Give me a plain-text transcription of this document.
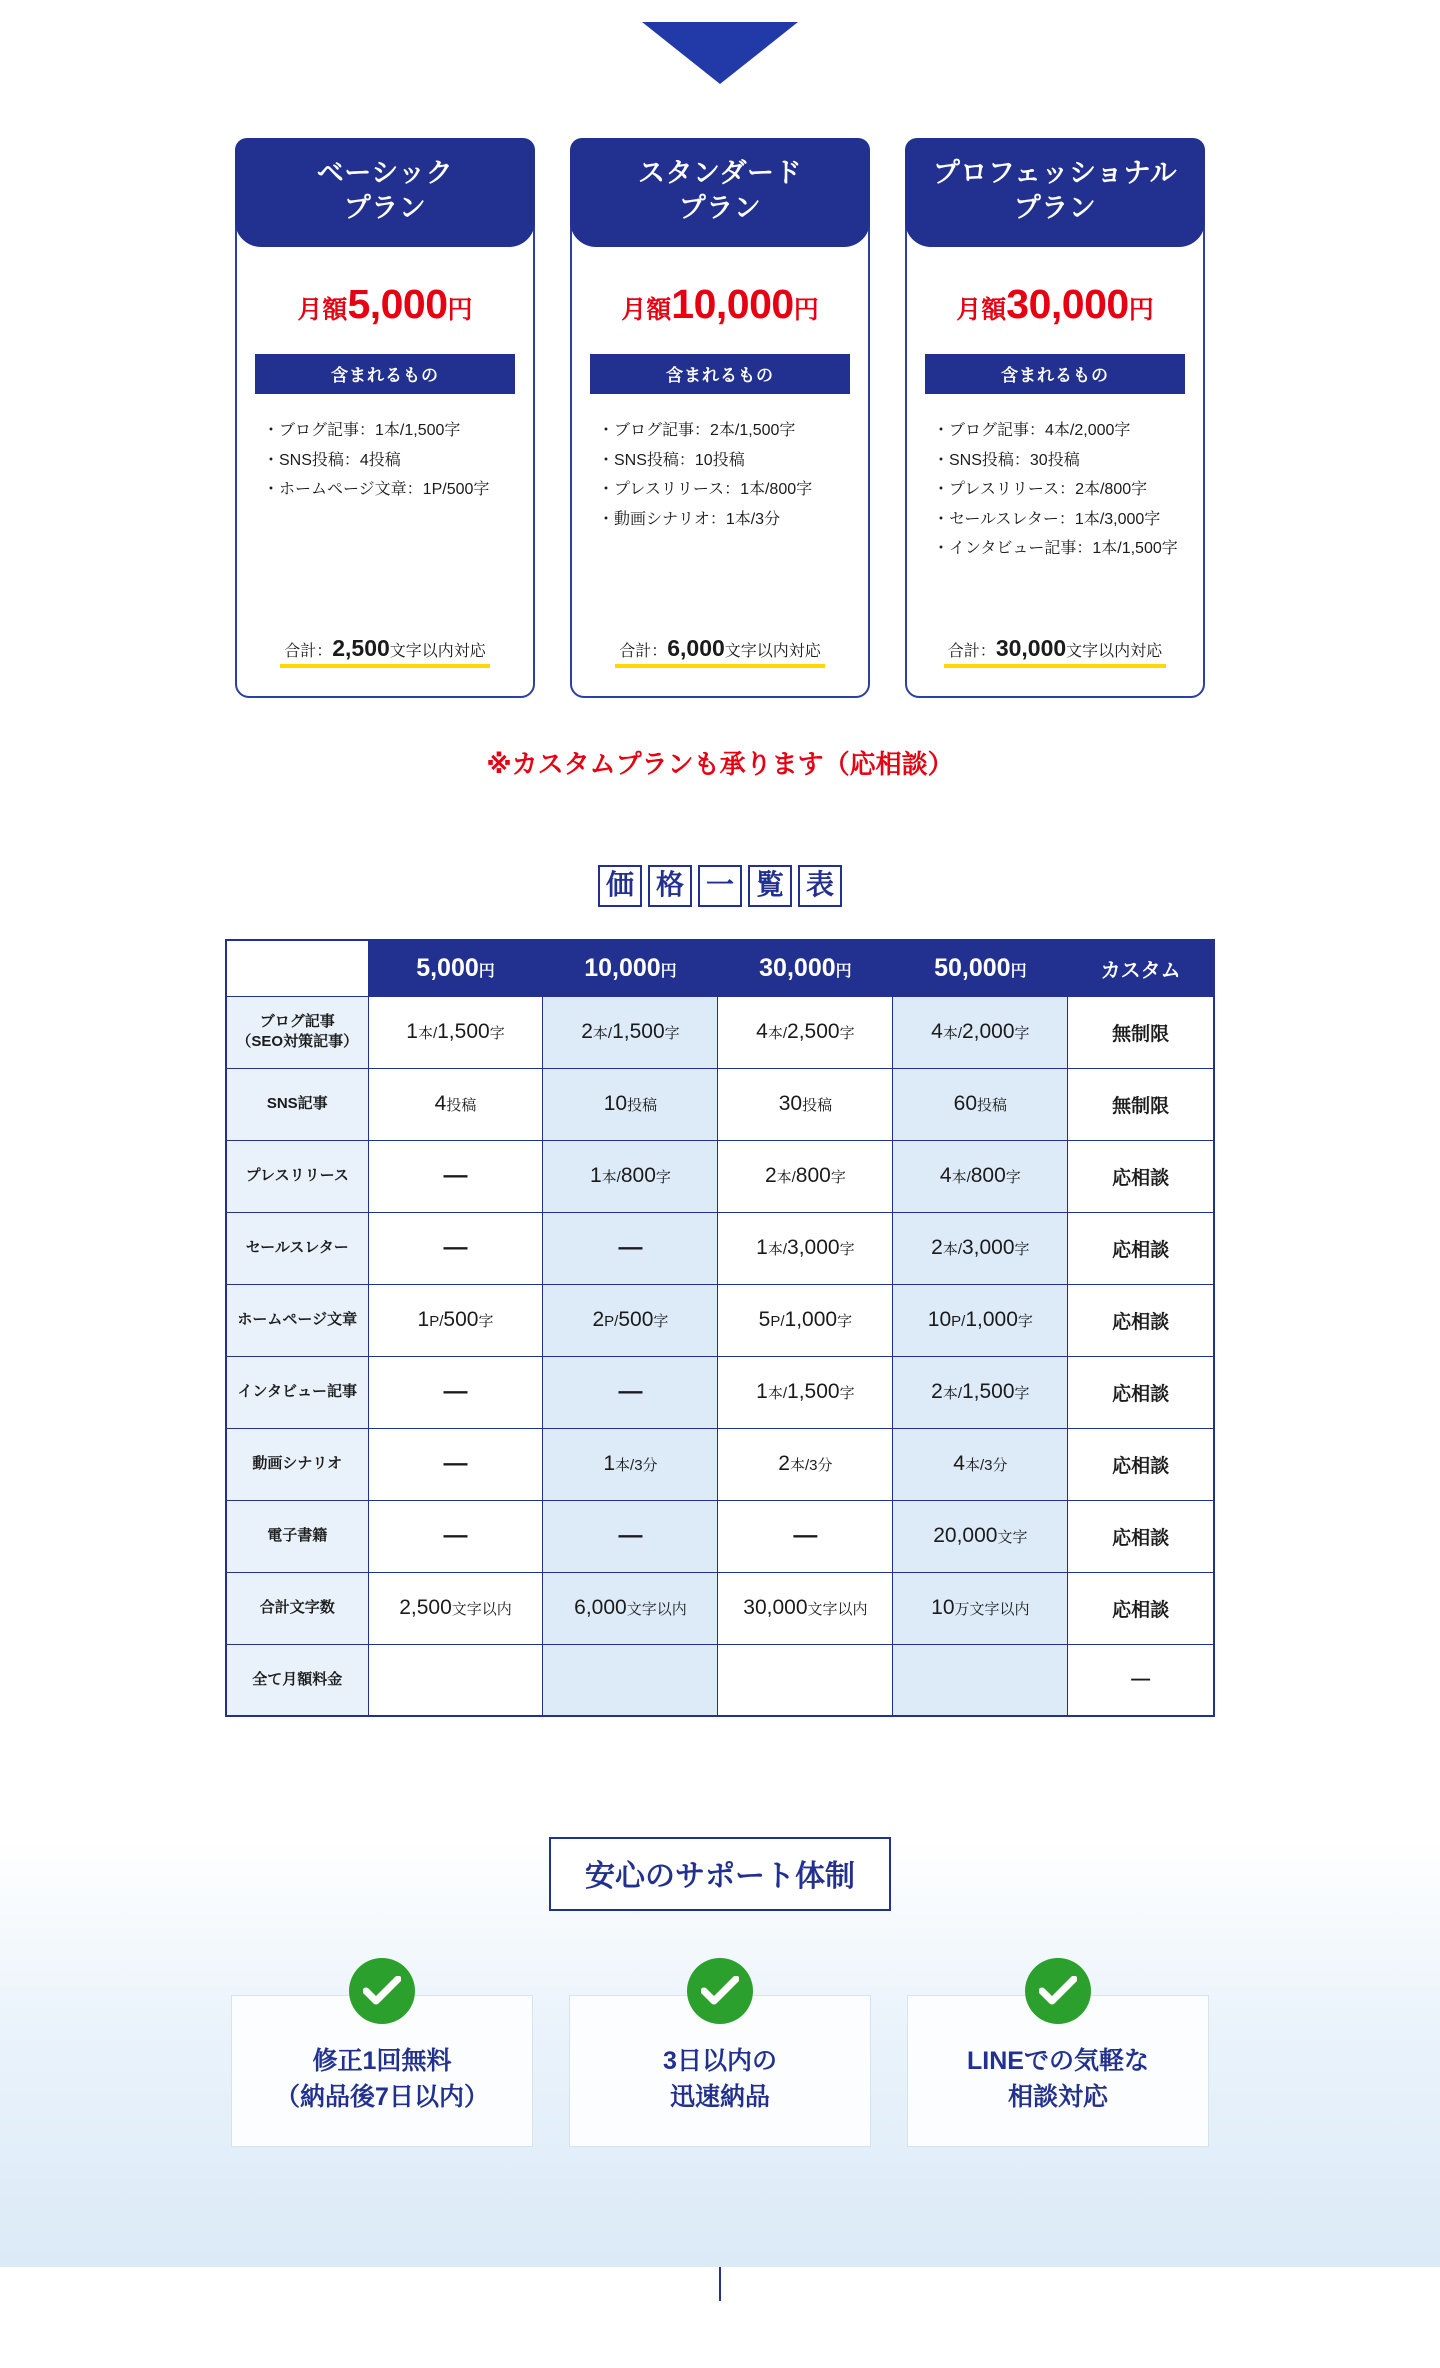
ベーシック
プラン
月額5,000円
含まれるもの
・ブログ記事：1本/1,500字
・SNS投稿：4投稿
・ホームページ文章：1P/500字
合計：2,500文字以内対応
スタンダード
プラン
月額10,000円
含まれるもの
・ブログ記事：2本/1,500字
・SNS投稿：10投稿
・プレスリリース：1本/800字
・動画シナリオ：1本/3分
合計：6,000文字以内対応
プロフェッショナル
プラン
月額30,000円
含まれるもの
・ブログ記事：4本/2,000字
・SNS投稿：30投稿
・プレスリリース：2本/800字
・セールスレター：1本/3,000字
・インタビュー記事：1本/1,500字
合計：30,000文字以内対応
※カスタムプランも承ります（応相談）
価 格 一 覧 表
	5,000円	10,000円	30,000円	50,000円	カスタム

ブログ記事
（SEO対策記事）	1本/1,500字	2本/1,500字	4本/2,500字	4本/2,000字	無制限

SNS記事	4投稿	10投稿	30投稿	60投稿	無制限

プレスリリース	—	1本/800字	2本/800字	4本/800字	応相談

セールスレター	—	—	1本/3,000字	2本/3,000字	応相談

ホームページ文章	1P/500字	2P/500字	5P/1,000字	10P/1,000字	応相談

インタビュー記事	—	—	1本/1,500字	2本/1,500字	応相談

動画シナリオ	—	1本/3分	2本/3分	4本/3分	応相談

電子書籍	—	—	—	20,000文字	応相談

合計文字数	2,500文字以内	6,000文字以内	30,000文字以内	10万文字以内	応相談

全て月額料金					—
安心のサポート体制
修正1回無料
（納品後7日以内）
3日以内の
迅速納品
LINEでの気軽な
相談対応
